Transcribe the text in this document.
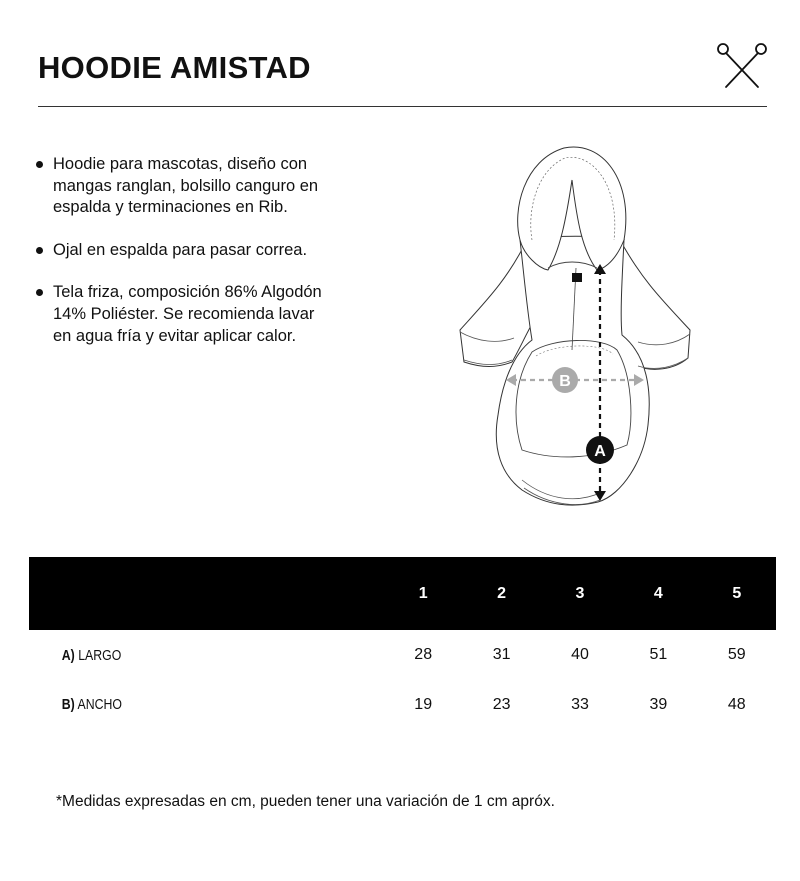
HOODIE AMISTAD
Hoodie para mascotas, diseño con mangas ranglan, bolsillo canguro en espalda y terminaciones en Rib.
Ojal en espalda para pasar correa.
Tela friza, composición 86% Algodón 14% Poliéster. Se recomienda lavar en agua fría y evitar aplicar calor.
B
A
	1	2	3	4	5
A) LARGO	28	31	40	51	59
B) ANCHO	19	23	33	39	48

*Medidas expresadas en cm, pueden tener una variación de 1 cm apróx.
